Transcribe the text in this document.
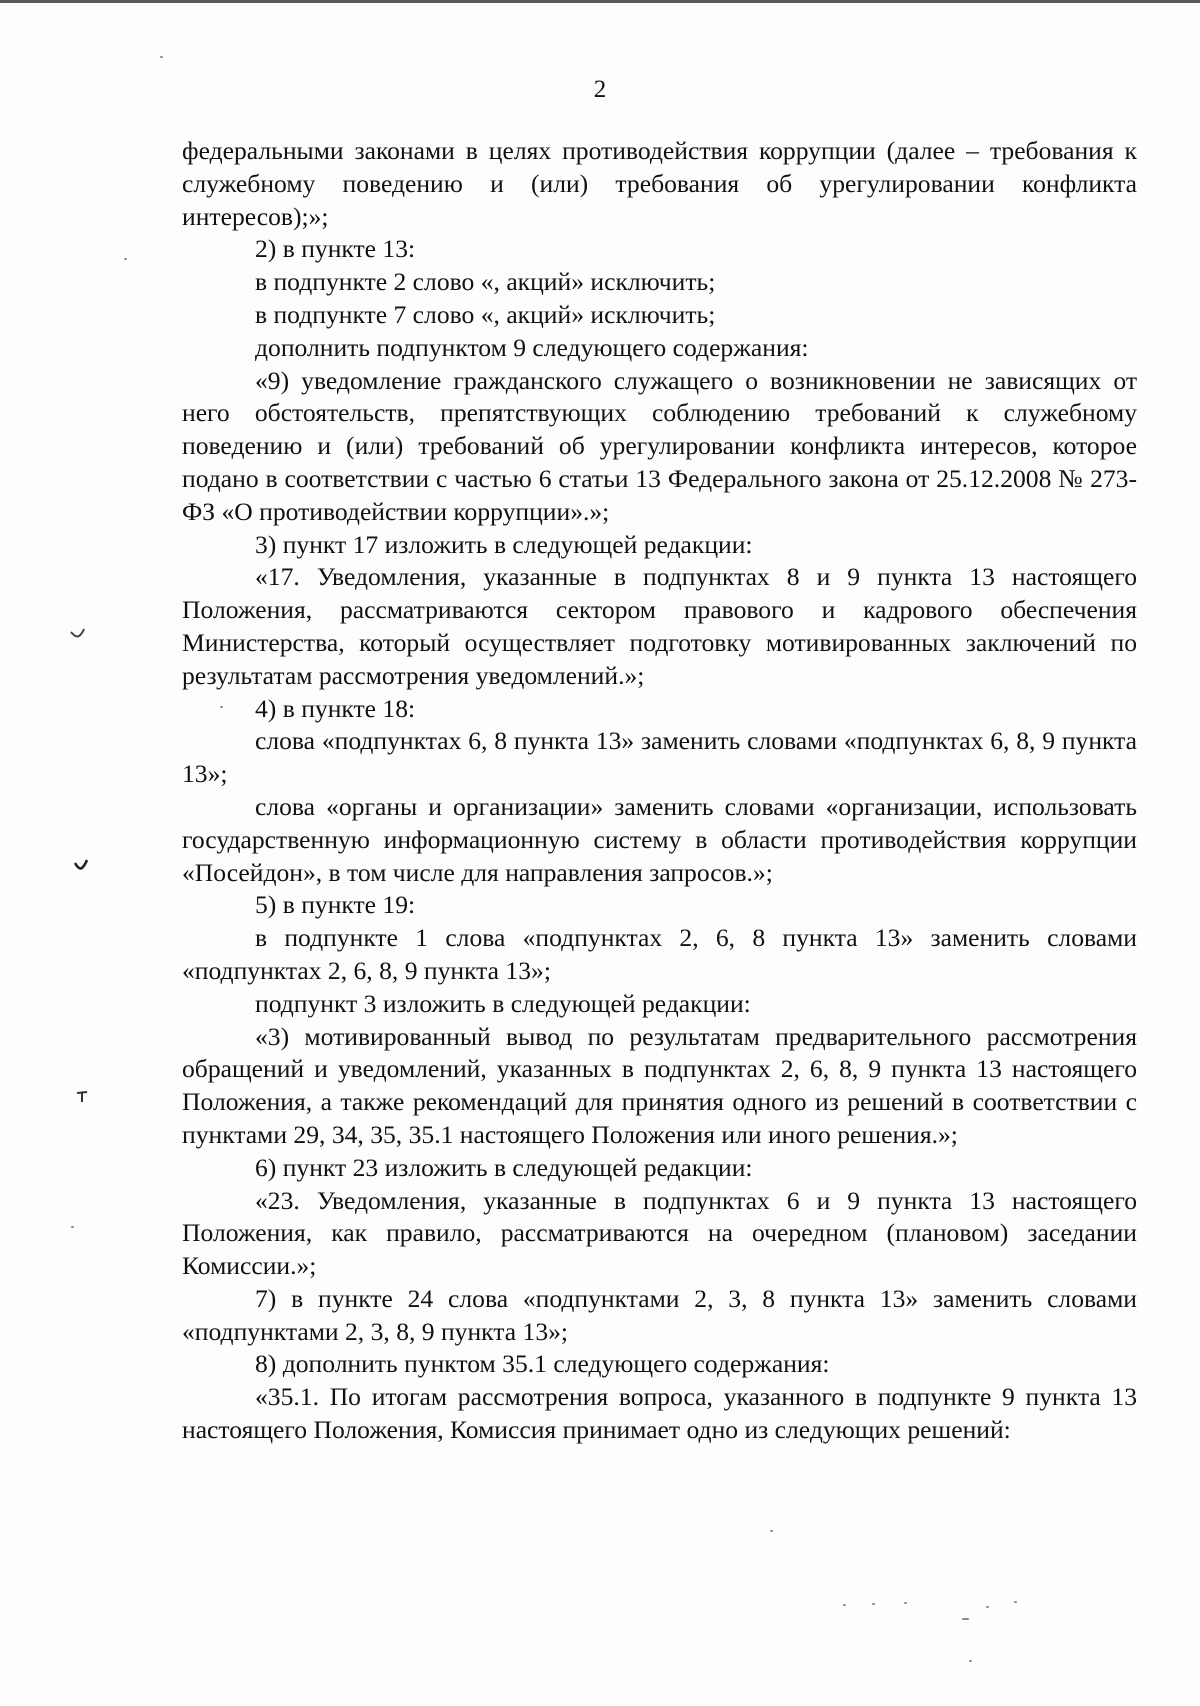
2

федеральными законами в целях противодействия коррупции (далее – требования к служебному поведению и (или) требования об урегулировании конфликта интересов);»;

2) в пункте 13:

в подпункте 2 слово «, акций» исключить;

в подпункте 7 слово «, акций» исключить;

дополнить подпунктом 9 следующего содержания:

«9) уведомление гражданского служащего о возникновении не зависящих от него обстоятельств, препятствующих соблюдению требований к служебному поведению и (или) требований об урегулировании конфликта интересов, которое подано в соответствии с частью 6 статьи 13 Федерального закона от 25.12.2008 № 273-ФЗ «О противодействии коррупции».»;

3) пункт 17 изложить в следующей редакции:

«17. Уведомления, указанные в подпунктах 8 и 9 пункта 13 настоящего Положения, рассматриваются сектором правового и кадрового обеспечения Министерства, который осуществляет подготовку мотивированных заключений по результатам рассмотрения уведомлений.»;

4) в пункте 18:

слова «подпунктах 6, 8 пункта 13» заменить словами «подпунктах 6, 8, 9 пункта 13»;

слова «органы и организации» заменить словами «организации, использовать государственную информационную систему в области противодействия коррупции «Посейдон», в том числе для направления запросов.»;

5) в пункте 19:

в подпункте 1 слова «подпунктах 2, 6, 8 пункта 13» заменить словами «подпунктах 2, 6, 8, 9 пункта 13»;

подпункт 3 изложить в следующей редакции:

«3) мотивированный вывод по результатам предварительного рассмотрения обращений и уведомлений, указанных в подпунктах 2, 6, 8, 9 пункта 13 настоящего Положения, а также рекомендаций для принятия одного из решений в соответствии с пунктами 29, 34, 35, 35.1 настоящего Положения или иного решения.»;

6) пункт 23 изложить в следующей редакции:

«23. Уведомления, указанные в подпунктах 6 и 9 пункта 13 настоящего Положения, как правило, рассматриваются на очередном (плановом) заседании Комиссии.»;

7) в пункте 24 слова «подпунктами 2, 3, 8 пункта 13» заменить словами «подпунктами 2, 3, 8, 9 пункта 13»;

8) дополнить пунктом 35.1 следующего содержания:

«35.1. По итогам рассмотрения вопроса, указанного в подпункте 9 пункта 13 настоящего Положения, Комиссия принимает одно из следующих решений:
